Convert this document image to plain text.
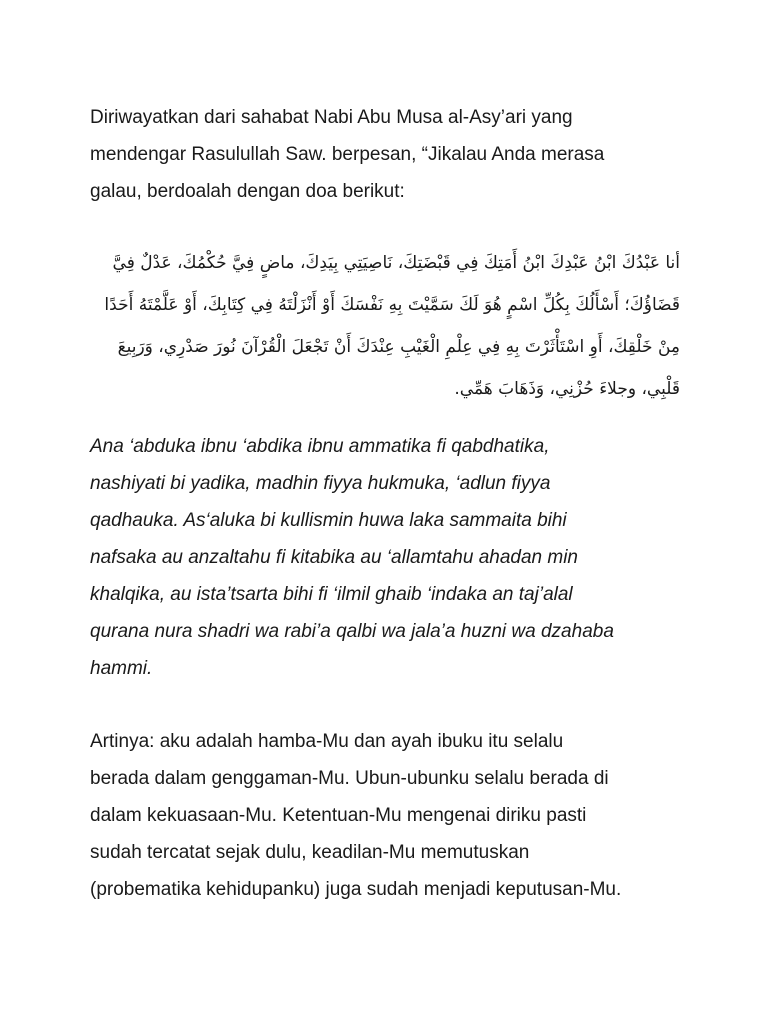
Diriwayatkan dari sahabat Nabi Abu Musa al-Asy’ari yang
mendengar Rasulullah Saw. berpesan, “Jikalau Anda merasa
galau, berdoalah dengan doa berikut:
أنا عَبْدُكَ ابْنُ عَبْدِكَ ابْنُ أَمَتِكَ فِي قَبْضَتِكَ، نَاصِيَتِي بِيَدِكَ، ماضٍ فِيَّ حُكْمُكَ، عَدْلٌ فِيَّ
قَضَاؤُكَ؛ أَسْأَلُكَ بِكُلِّ اسْمٍ هُوَ لَكَ سَمَّيْتَ بِهِ نَفْسَكَ أَوْ أَنْزَلْتَهُ فِي كِتَابِكَ، أَوْ عَلَّمْتَهُ أَحَدًا
مِنْ خَلْقِكَ، أَوِ اسْتَأْثَرْتَ بِهِ فِي عِلْمِ الْغَيْبِ عِنْدَكَ أَنْ تَجْعَلَ الْقُرْآنَ نُورَ صَدْرِي، وَرَبِيعَ
قَلْبِي، وجلاءَ حُزْنِي، وَذَهَابَ هَمِّي.
Ana ‘abduka ibnu ‘abdika ibnu ammatika fi qabdhatika,
nashiyati bi yadika, madhin fiyya hukmuka, ‘adlun fiyya
qadhauka. As‘aluka bi kullismin huwa laka sammaita bihi
nafsaka au anzaltahu fi kitabika au ‘allamtahu ahadan min
khalqika, au ista’tsarta bihi fi ‘ilmil ghaib ‘indaka an taj’alal
qurana nura shadri wa rabi’a qalbi wa jala’a huzni wa dzahaba
hammi.
Artinya: aku adalah hamba-Mu dan ayah ibuku itu selalu
berada dalam genggaman-Mu. Ubun-ubunku selalu berada di
dalam kekuasaan-Mu. Ketentuan-Mu mengenai diriku pasti
sudah tercatat sejak dulu, keadilan-Mu memutuskan
(probematika kehidupanku) juga sudah menjadi keputusan-Mu.
